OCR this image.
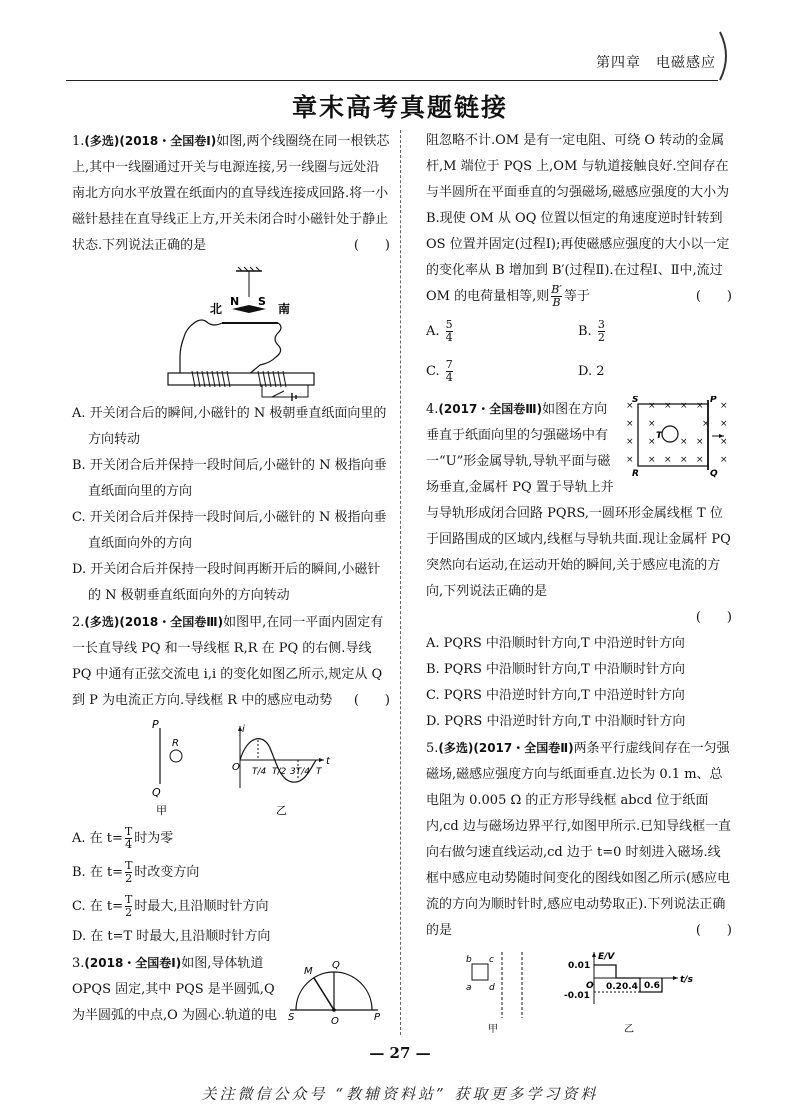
第四章　电磁感应
章末高考真题链接
1.(多选)(2018・全国卷Ⅰ)如图,两个线圈绕在同一根铁芯上,其中一线圈通过开关与电源连接,另一线圈与远处沿南北方向水平放置在纸面内的直导线连接成回路.将一小磁针悬挂在直导线正上方,开关未闭合时小磁针处于静止状态.下列说法正确的是	(　　)
北
N S
南
A. 开关闭合后的瞬间,小磁针的 N 极朝垂直纸面向里的方向转动
B. 开关闭合后并保持一段时间后,小磁针的 N 极指向垂直纸面向里的方向
C. 开关闭合后并保持一段时间后,小磁针的 N 极指向垂直纸面向外的方向
D. 开关闭合后并保持一段时间再断开后的瞬间,小磁针的 N 极朝垂直纸面向外的方向转动
2.(多选)(2018・全国卷Ⅲ)如图甲,在同一平面内固定有一长直导线 PQ 和一导线框 R,R 在 PQ 的右侧.导线 PQ 中通有正弦交流电 i,i 的变化如图乙所示,规定从 Q 到 P 为电流正方向.导线框 R 中的感应电动势 (　　)
P
Q
R
甲
i
O
t
T/4 T/2 3T/4 T
乙
A. 在 $t= \frac{T}{4}$ 时为零
B. 在 $t= \frac{T}{2}$ 时改变方向
C. 在 $t= \frac{T}{2}$ 时最大,且沿顺时针方向
D. 在 t=T 时最大,且沿顺时针方向
3.(2018・全国卷Ⅰ)如图,导体轨道 OPQS 固定,其中 PQS 是半圆弧,Q 为半圆弧的中点,O 为圆心.轨道的电
M
Q
S	O	P
阻忽略不计.OM 是有一定电阻、可绕 O 转动的金属杆,M 端位于 PQS 上,OM 与轨道接触良好.空间存在与半圆所在平面垂直的匀强磁场,磁感应强度的大小为 B.现使 OM 从 OQ 位置以恒定的角速度逆时针转到 OS 位置并固定(过程Ⅰ);再使磁感应强度的大小以一定的变化率从 B 增加到 B′(过程Ⅱ).在过程Ⅰ、Ⅱ中,流过 OM 的电荷量相等,则 $\frac{B'}{B}$ 等于	(　　)
A. $\frac{5}{4}$	B. $\frac{3}{2}$
C. $\frac{7}{4}$	D. 2
×
×
×
×
×
×
×
×
× × × ×
×	×
×	× ×
× × × ×
S	P
R	Q
T
4.(2017・全国卷Ⅲ)如图在方向垂直于纸面向里的匀强磁场中有一“U”形金属导轨,导轨平面与磁场垂直,金属杆 PQ 置于导轨上并与导轨形成闭合回路 PQRS,一圆环形金属线框 T 位于回路围成的区域内,线框与导轨共面.现让金属杆 PQ 突然向右运动,在运动开始的瞬间,关于感应电流的方向,下列说法正确的是
(　　)
A. PQRS 中沿顺时针方向,T 中沿逆时针方向
B. PQRS 中沿顺时针方向,T 中沿顺时针方向
C. PQRS 中沿逆时针方向,T 中沿逆时针方向
D. PQRS 中沿逆时针方向,T 中沿顺时针方向
5.(多选)(2017・全国卷Ⅱ)两条平行虚线间存在一匀强磁场,磁感应强度方向与纸面垂直.边长为 0.1 m、总电阻为 0.005 Ω 的正方形导线框 abcd 位于纸面内,cd 边与磁场边界平行,如图甲所示.已知导线框一直向右做匀速直线运动,cd 边于 t=0 时刻进入磁场.线框中感应电动势随时间变化的图线如图乙所示(感应电流的方向为顺时针时,感应电动势取正).下列说法正确的是	(　　)
b c
a d
甲
E/V
0.01
-0.01
O 0.2 0.4 0.6
t/s
乙
— 27 —
关注微信公众号 “教辅资料站” 获取更多学习资料
